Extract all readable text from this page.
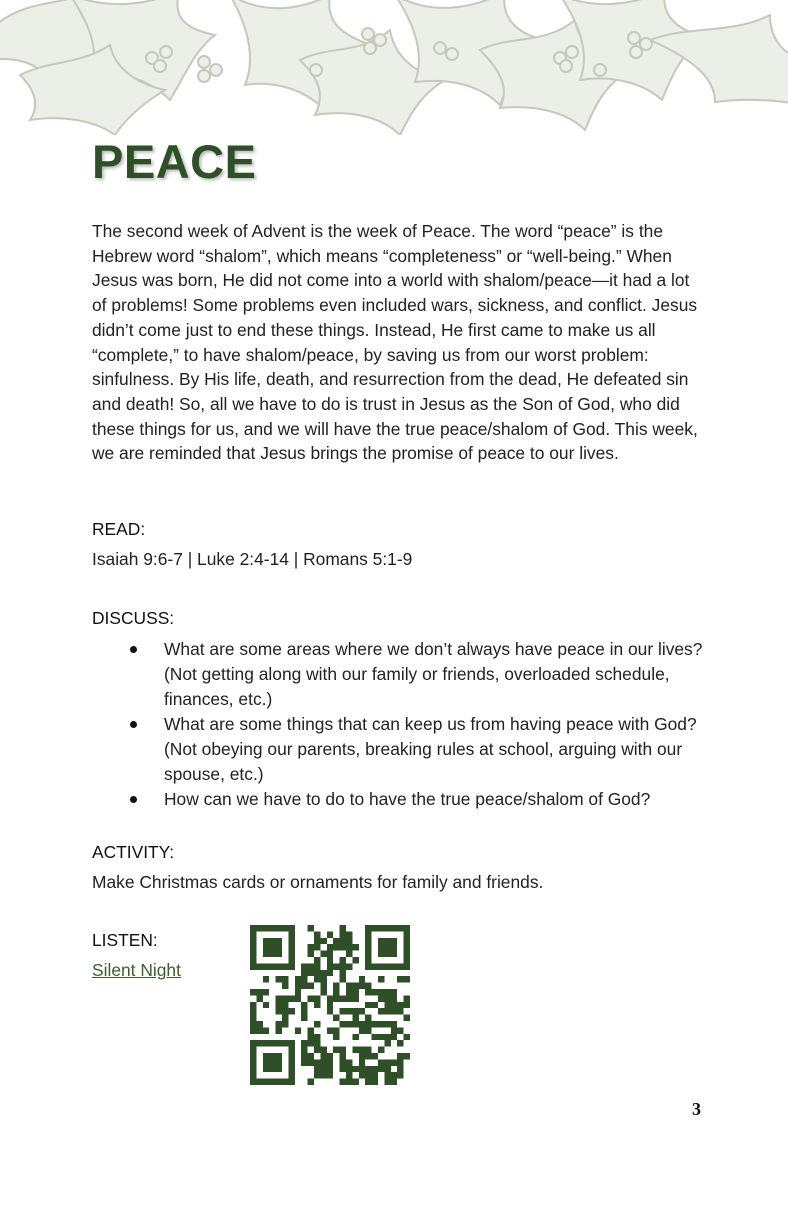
PEACE

The second week of Advent is the week of Peace. The word “peace” is the Hebrew word “shalom”, which means “completeness” or “well-being.” When Jesus was born, He did not come into a world with shalom/peace—it had a lot of problems! Some problems even included wars, sickness, and conflict. Jesus didn’t come just to end these things. Instead, He first came to make us all “complete,” to have shalom/peace, by saving us from our worst problem: sinfulness. By His life, death, and resurrection from the dead, He defeated sin and death! So, all we have to do is trust in Jesus as the Son of God, who did these things for us, and we will have the true peace/shalom of God. This week, we are reminded that Jesus brings the promise of peace to our lives.

READ:

Isaiah 9:6-7 | Luke 2:4-14 | Romans 5:1-9

DISCUSS:

What are some areas where we don’t always have peace in our lives? (Not getting along with our family or friends, overloaded schedule, finances, etc.)
What are some things that can keep us from having peace with God? (Not obeying our parents, breaking rules at school, arguing with our spouse, etc.)
How can we have to do to have the true peace/shalom of God?

ACTIVITY:

Make Christmas cards or ornaments for family and friends.

LISTEN:

Silent Night
3
